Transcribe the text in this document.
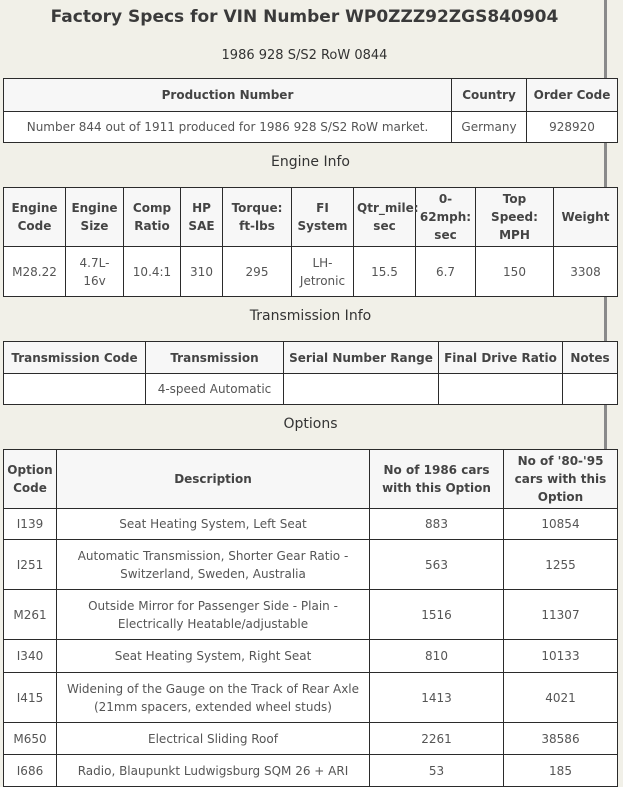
Factory Specs for VIN Number WP0ZZZ92ZGS840904
1986 928 S/S2 RoW 0844
Production Number	Country	Order Code
Number 844 out of 1911 produced for 1986 928 S/S2 RoW market.	Germany	928920
Engine Info
Engine Code	Engine Size	Comp Ratio	HP SAE	Torque: ft-lbs	FI System	Qtr_mile: sec	0-62mph: sec	Top Speed: MPH	Weight
M28.22	4.7L-16v	10.4:1	310	295	LH-Jetronic	15.5	6.7	150	3308
Transmission Info
Transmission Code	Transmission	Serial Number Range	Final Drive Ratio	Notes
	4-speed Automatic			
Options
Option Code	Description	No of 1986 cars with this Option	No of '80-'95 cars with this Option
I139	Seat Heating System, Left Seat	883	10854
I251	Automatic Transmission, Shorter Gear Ratio - Switzerland, Sweden, Australia	563	1255
M261	Outside Mirror for Passenger Side - Plain - Electrically Heatable/adjustable	1516	11307
I340	Seat Heating System, Right Seat	810	10133
I415	Widening of the Gauge on the Track of Rear Axle (21mm spacers, extended wheel studs)	1413	4021
M650	Electrical Sliding Roof	2261	38586
I686	Radio, Blaupunkt Ludwigsburg SQM 26 + ARI	53	185
